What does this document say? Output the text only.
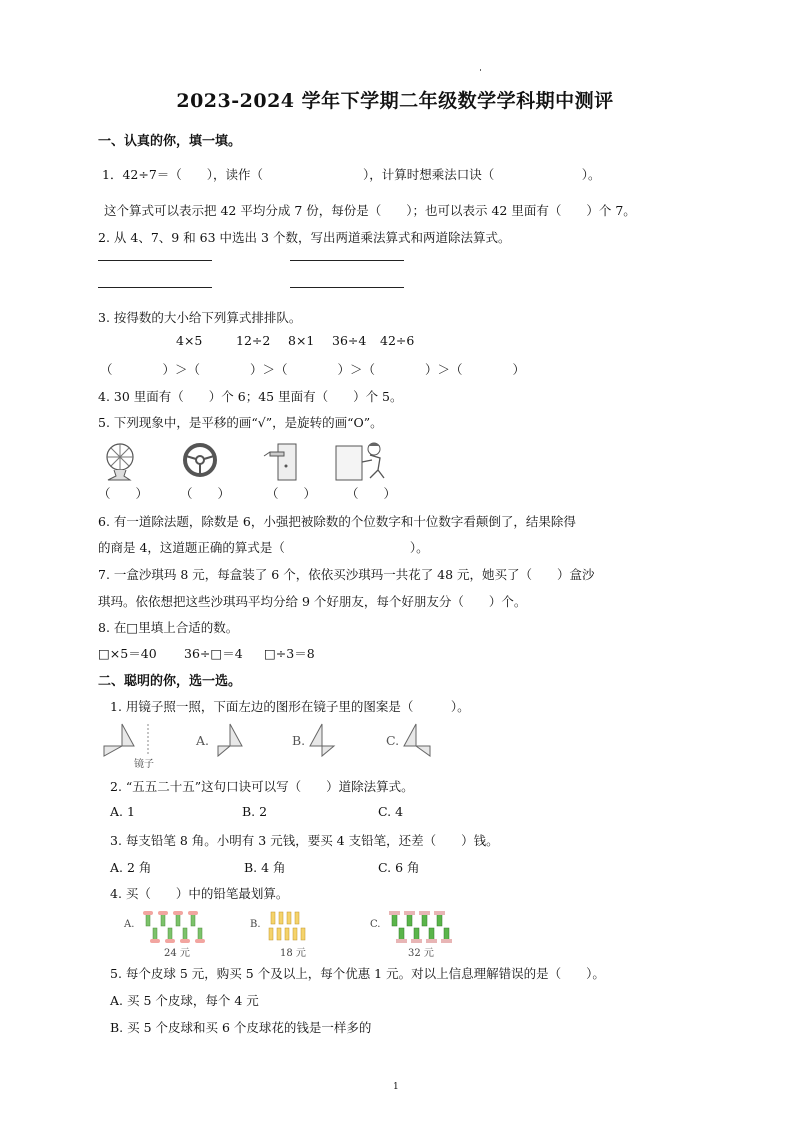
2023-2024 学年下学期二年级数学学科期中测评
一、认真的你，填一填。
1．42÷7＝（　　），读作（　　　　　　　　），计算时想乘法口诀（　　　　　　　）。
这个算式可以表示把 42 平均分成 7 份，每份是（　　）；也可以表示 42 里面有（　　）个 7。
2. 从 4、7、9 和 63 中选出 3 个数，写出两道乘法算式和两道除法算式。
3. 按得数的大小给下列算式排排队。
4×5	12÷2 8×1 36÷4 42÷6
（　　　　）＞（　　　　）＞（　　　　）＞（　　　　）＞（　　　　）
4. 30 里面有（　　）个 6；45 里面有（　　）个 5。
5. 下列现象中，是平移的画“√”，是旋转的画“O”。
（　　）	（　　）	（　　） （　　）
6. 有一道除法题，除数是 6，小强把被除数的个位数字和十位数字看颠倒了，结果除得
的商是 4，这道题正确的算式是（　　　　　　　　　　）。
7. 一盒沙琪玛 8 元，每盒装了 6 个，依依买沙琪玛一共花了 48 元，她买了（　　）盒沙
琪玛。依依想把这些沙琪玛平均分给 9 个好朋友，每个好朋友分（　　）个。
8. 在□里填上合适的数。
□×5＝40 36÷□＝4 □÷3＝8
二、聪明的你，选一选。
1. 用镜子照一照，下面左边的图形在镜子里的图案是（　　　）。
镜子
A.	B.	C.
2. “五五二十五”这句口诀可以写（　　）道除法算式。
A. 1	B. 2	C. 4
3. 每支铅笔 8 角。小明有 3 元钱，要买 4 支铅笔，还差（　　）钱。
A. 2 角	B. 4 角	C. 6 角
4. 买（　　）中的铅笔最划算。
A.
24 元
B.
18 元
C.
32 元
5. 每个皮球 5 元，购买 5 个及以上，每个优惠 1 元。对以上信息理解错误的是（　　）。
A. 买 5 个皮球，每个 4 元
B. 买 5 个皮球和买 6 个皮球花的钱是一样多的
1
